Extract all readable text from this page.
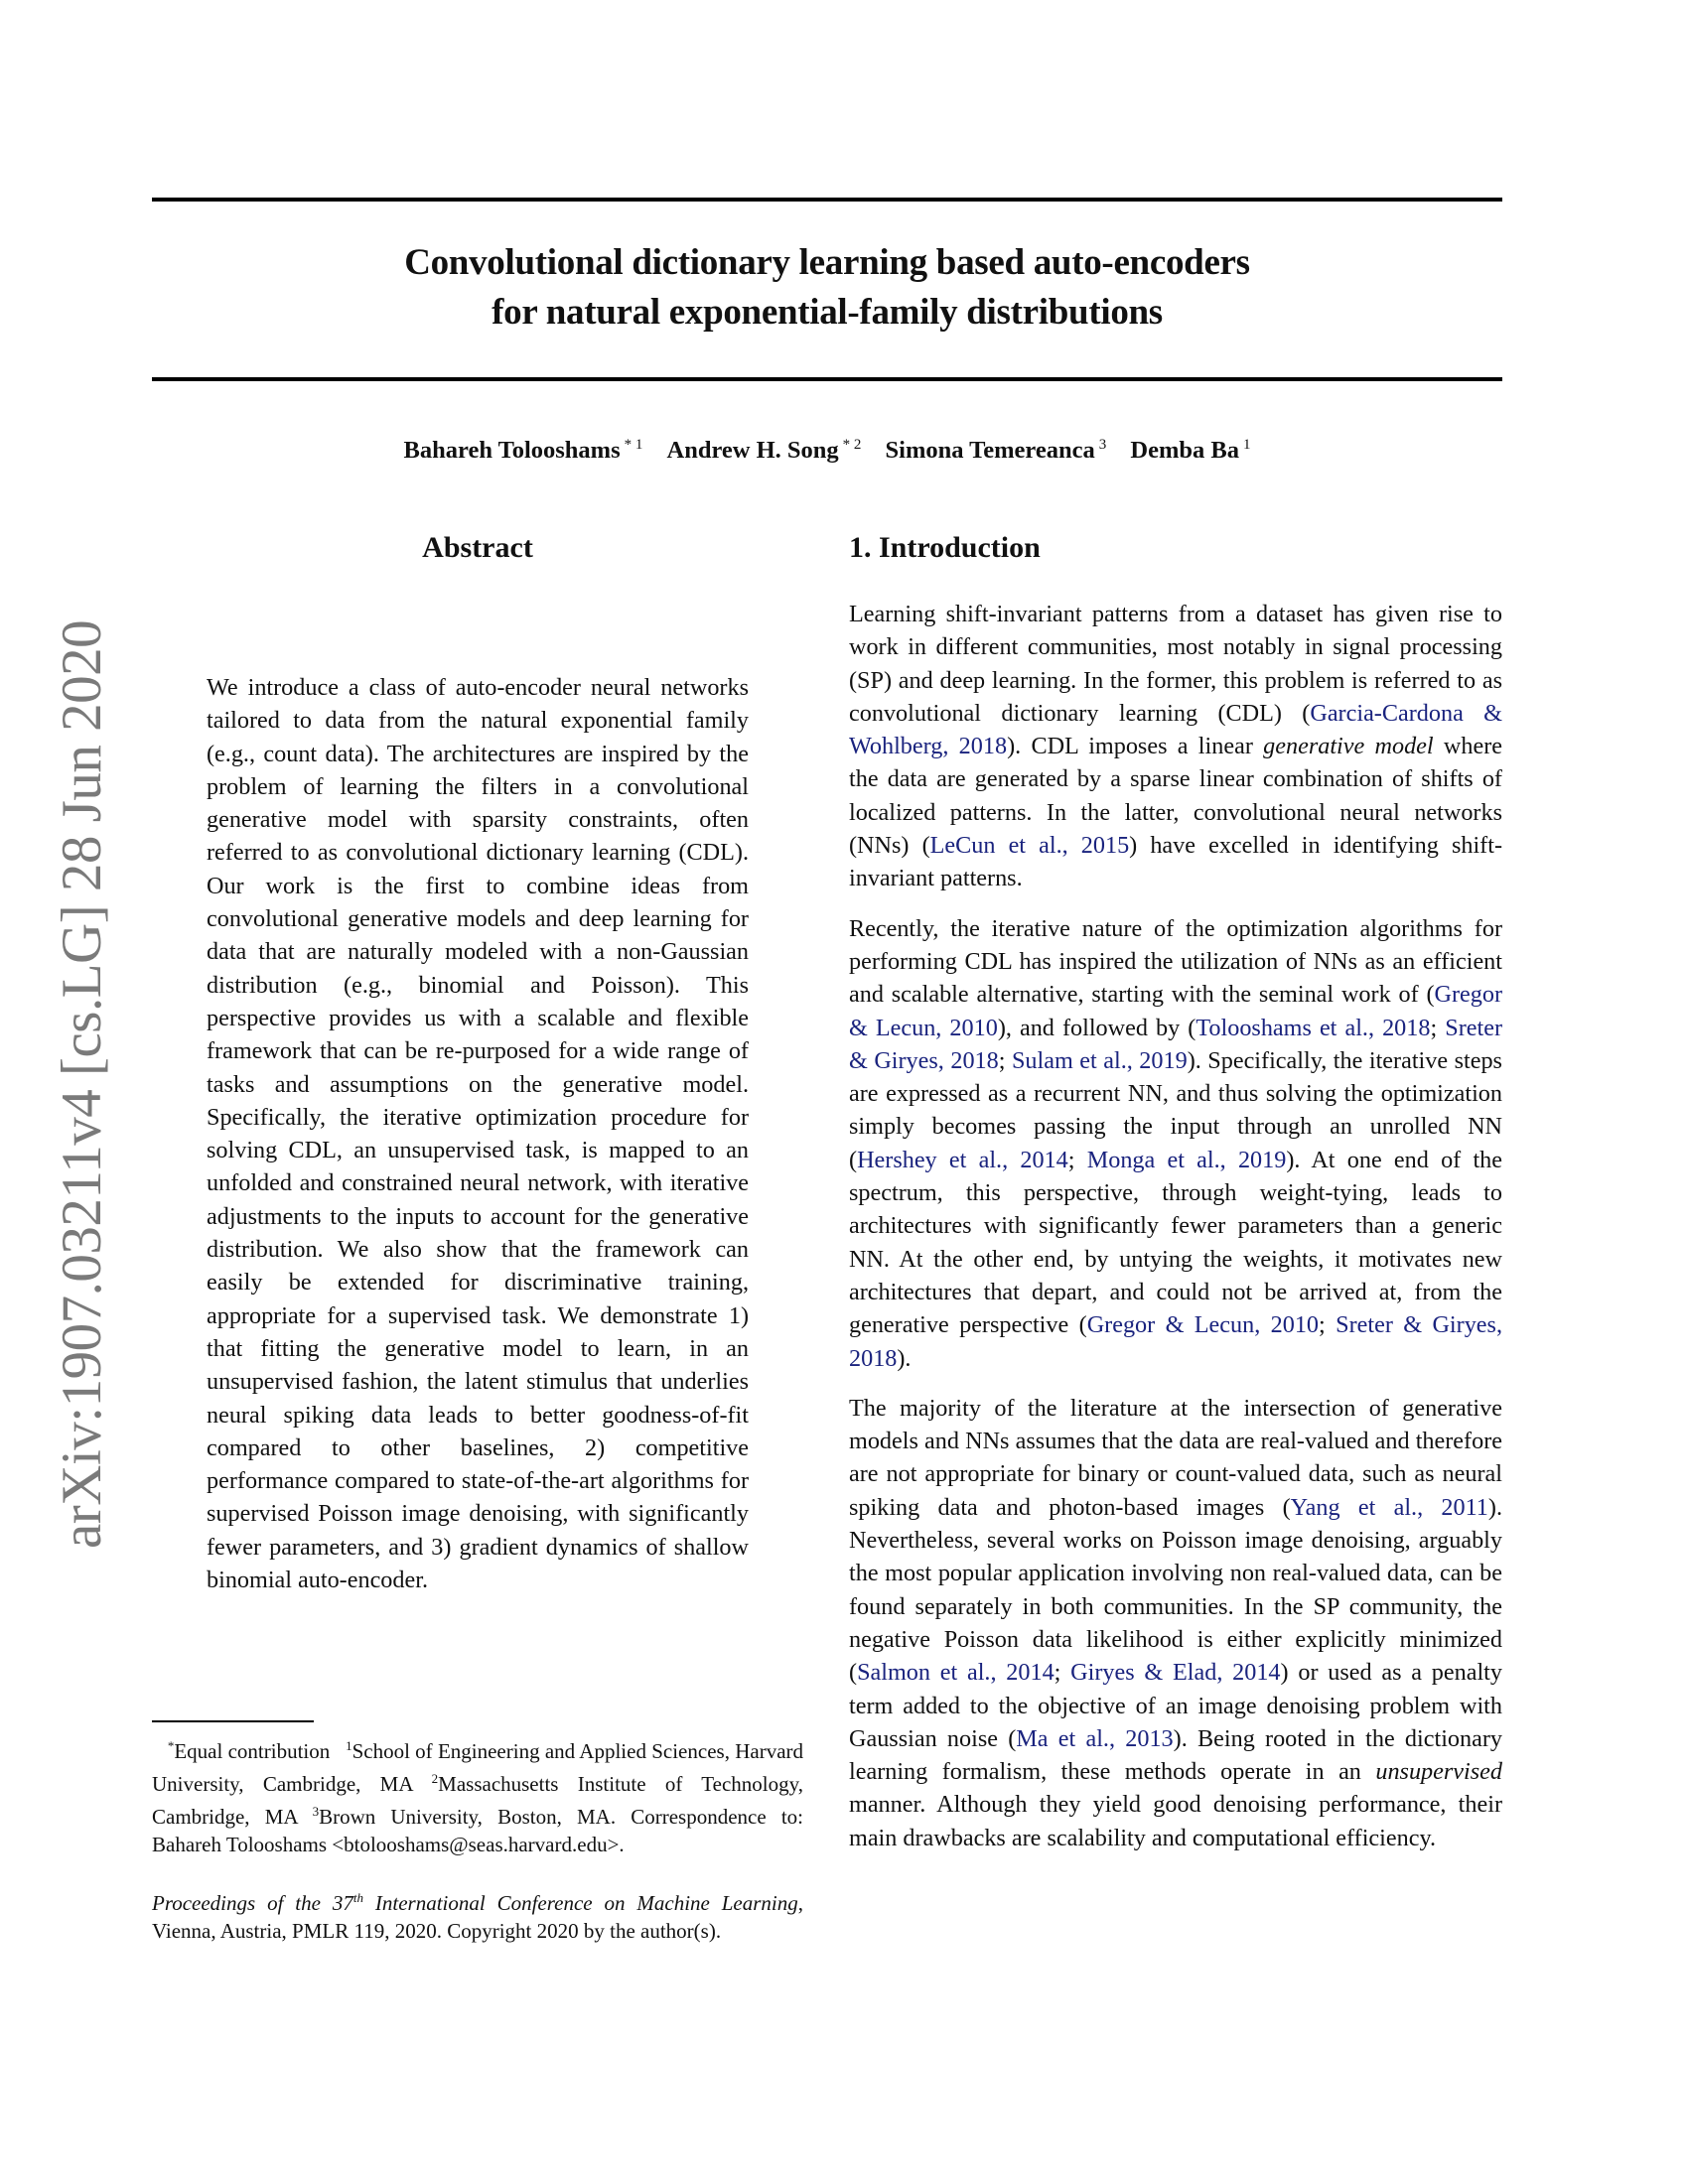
arXiv:1907.03211v4 [cs.LG] 28 Jun 2020
Convolutional dictionary learning based auto-encoders
for natural exponential-family distributions
Bahareh Tolooshams $^{* 1}$ Andrew H. Song $^{* 2}$ Simona Temereanca $^3$ Demba Ba $^1$
Abstract

We introduce a class of auto-encoder neural networks tailored to data from the natural exponential family (e.g., count data). The architectures are inspired by the problem of learning the filters in a convolutional generative model with sparsity constraints, often referred to as convolutional dictionary learning (CDL). Our work is the first to combine ideas from convolutional generative models and deep learning for data that are naturally modeled with a non-Gaussian distribution (e.g., binomial and Poisson). This perspective provides us with a scalable and flexible framework that can be re-purposed for a wide range of tasks and assumptions on the generative model. Specifically, the iterative optimization procedure for solving CDL, an unsupervised task, is mapped to an unfolded and constrained neural network, with iterative adjustments to the inputs to account for the generative distribution. We also show that the framework can easily be extended for discriminative training, appropriate for a supervised task. We demonstrate 1) that fitting the generative model to learn, in an unsupervised fashion, the latent stimulus that underlies neural spiking data leads to better goodness-of-fit compared to other baselines, 2) competitive performance compared to state-of-the-art algorithms for supervised Poisson image denoising, with significantly fewer parameters, and 3) gradient dynamics of shallow binomial auto-encoder.

*Equal contribution $^1$School of Engineering and Applied Sciences, Harvard University, Cambridge, MA $^2$Massachusetts Institute of Technology, Cambridge, MA $^3$Brown University, Boston, MA. Correspondence to: Bahareh Tolooshams <btolooshams@seas.harvard.edu>.

Proceedings of the 37th International Conference on Machine Learning, Vienna, Austria, PMLR 119, 2020. Copyright 2020 by the author(s).

1. Introduction

Learning shift-invariant patterns from a dataset has given rise to work in different communities, most notably in signal processing (SP) and deep learning. In the former, this problem is referred to as convolutional dictionary learning (CDL) (Garcia-Cardona & Wohlberg, 2018). CDL imposes a linear generative model where the data are generated by a sparse linear combination of shifts of localized patterns. In the latter, convolutional neural networks (NNs) (LeCun et al., 2015) have excelled in identifying shift-invariant patterns.

Recently, the iterative nature of the optimization algorithms for performing CDL has inspired the utilization of NNs as an efficient and scalable alternative, starting with the seminal work of (Gregor & Lecun, 2010), and followed by (Tolooshams et al., 2018; Sreter & Giryes, 2018; Sulam et al., 2019). Specifically, the iterative steps are expressed as a recurrent NN, and thus solving the optimization simply becomes passing the input through an unrolled NN (Hershey et al., 2014; Monga et al., 2019). At one end of the spectrum, this perspective, through weight-tying, leads to architectures with significantly fewer parameters than a generic NN. At the other end, by untying the weights, it motivates new architectures that depart, and could not be arrived at, from the generative perspective (Gregor & Lecun, 2010; Sreter & Giryes, 2018).

The majority of the literature at the intersection of generative models and NNs assumes that the data are real-valued and therefore are not appropriate for binary or count-valued data, such as neural spiking data and photon-based images (Yang et al., 2011). Nevertheless, several works on Poisson image denoising, arguably the most popular application involving non real-valued data, can be found separately in both communities. In the SP community, the negative Poisson data likelihood is either explicitly minimized (Salmon et al., 2014; Giryes & Elad, 2014) or used as a penalty term added to the objective of an image denoising problem with Gaussian noise (Ma et al., 2013). Being rooted in the dictionary learning formalism, these methods operate in an unsupervised manner. Although they yield good denoising performance, their main drawbacks are scalability and computational efficiency.
